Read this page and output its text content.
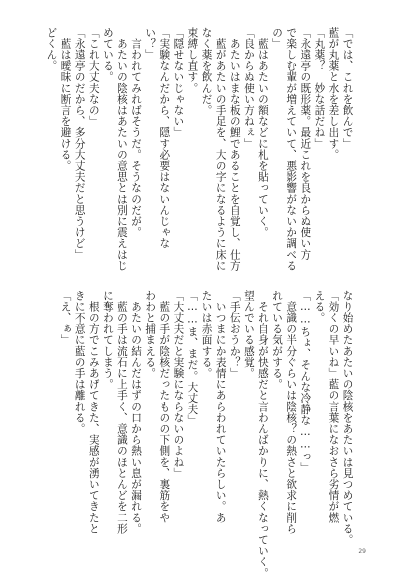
「では、これを飲んで」
藍が丸薬と水を差し出す。
「丸薬？　妙な話だね」
「永遠亭の既形薬。最近これを良からぬ使い方
で楽しむ輩が増えていて、悪影響がないか調べる
の」
　藍はあたいの額などに札を貼っていく。
「良からぬ使い方ねぇ」
　あたいはまな板の鯉であることを自覚し、仕方
　藍があたいの手足を、大の字になるように床に
なく薬を飲んだ。
束縛し直す。
「隠せないじゃない」
「実験なんだから、隠す必要はないんじゃな
い？」
　言われてみればそうだ。そうなのだが。
　あたいの陰核はあたいの意思とは別に震えはじ
めている。
「これ大丈夫なの」
「永遠亭のだから、多分大丈夫だと思うけど」
　藍は曖昧に断言を避ける。
どくん。
なり始めたあたいの陰核をあたいは見つめている。
「効くの早いね」藍の言葉になおさら劣情が燃
える。
「……ちょ、そんな冷静な……っ」
　意識の半分ぐらいは陰核？の熱さと欲求に削ら
れている気がする。
　それ自身が快感だと言わんばかりに、熱くなっていく。
望んでいる感覚。
「手伝おうか？」
　いつまにか表情にあらわれていたらしい。あ
たいは赤面する。
「……ま、まだ。大丈夫」
「大丈夫だと実験にならないのよね」
　藍の手が陰核だったものの下側を、裏筋をや
わわと捕まえる。
　あたいの結んだはずの口から熱い息が漏れる。
　藍の手は流石に上手く、意識のほとんどを二形
に奪われてしまう。
　根の方でこみあげてきた、実感が湧いてきたと
きに不意に藍の手は離れる。
「え、ぁ」
29
